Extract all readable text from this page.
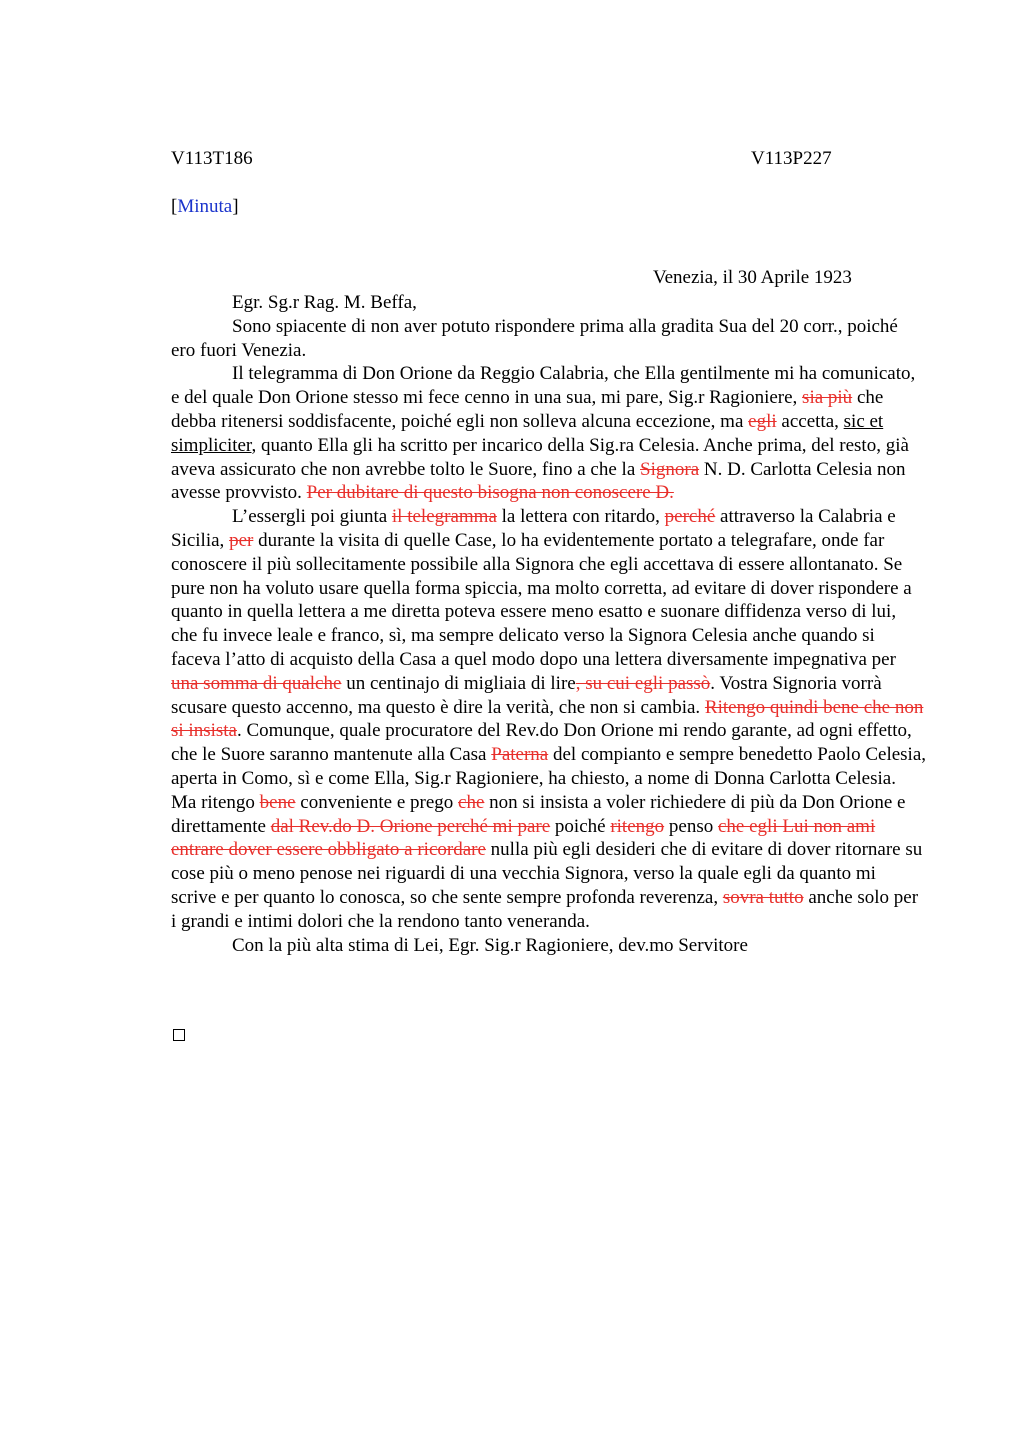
V113T186	V113P227
[Minuta]
Venezia, il 30 Aprile 1923

Egr. Sg.r Rag. M. Beffa,

Sono spiacente di non aver potuto rispondere prima alla gradita Sua del 20 corr., poiché ero fuori Venezia.

Il telegramma di Don Orione da Reggio Calabria, che Ella gentilmente mi ha comunicato, e del quale Don Orione stesso mi fece cenno in una sua, mi pare, Sig.r Ragioniere, sia più che debba ritenersi soddisfacente, poiché egli non solleva alcuna eccezione, ma egli accetta, sic et simpliciter, quanto Ella gli ha scritto per incarico della Sig.ra Celesia. Anche prima, del resto, già aveva assicurato che non avrebbe tolto le Suore, fino a che la Signora N. D. Carlotta Celesia non avesse provvisto. Per dubitare di questo bisogna non conoscere D.

L’essergli poi giunta il telegramma la lettera con ritardo, perché attraverso la Calabria e Sicilia, per durante la visita di quelle Case, lo ha evidentemente portato a telegrafare, onde far conoscere il più sollecitamente possibile alla Signora che egli accettava di essere allontanato. Se pure non ha voluto usare quella forma spiccia, ma molto corretta, ad evitare di dover rispondere a quanto in quella lettera a me diretta poteva essere meno esatto e suonare diffidenza verso di lui, che fu invece leale e franco, sì, ma sempre delicato verso la Signora Celesia anche quando si faceva l’atto di acquisto della Casa a quel modo dopo una lettera diversamente impegnativa per una somma di qualche un centinajo di migliaia di lire, su cui egli passò. Vostra Signoria vorrà scusare questo accenno, ma questo è dire la verità, che non si cambia. Ritengo quindi bene che non si insista. Comunque, quale procuratore del Rev.do Don Orione mi rendo garante, ad ogni effetto, che le Suore saranno mantenute alla Casa Paterna del compianto e sempre benedetto Paolo Celesia, aperta in Como, sì e come Ella, Sig.r Ragioniere, ha chiesto, a nome di Donna Carlotta Celesia. Ma ritengo bene conveniente e prego che non si insista a voler richiedere di più da Don Orione e direttamente dal Rev.do D. Orione perché mi pare poiché ritengo penso che egli Lui non ami entrare dover essere obbligato a ricordare nulla più egli desideri che di evitare di dover ritornare su cose più o meno penose nei riguardi di una vecchia Signora, verso la quale egli da quanto mi scrive e per quanto lo conosca, so che sente sempre profonda reverenza, sovra tutto anche solo per i grandi e intimi dolori che la rendono tanto veneranda.

Con la più alta stima di Lei, Egr. Sig.r Ragioniere, dev.mo Servitore
